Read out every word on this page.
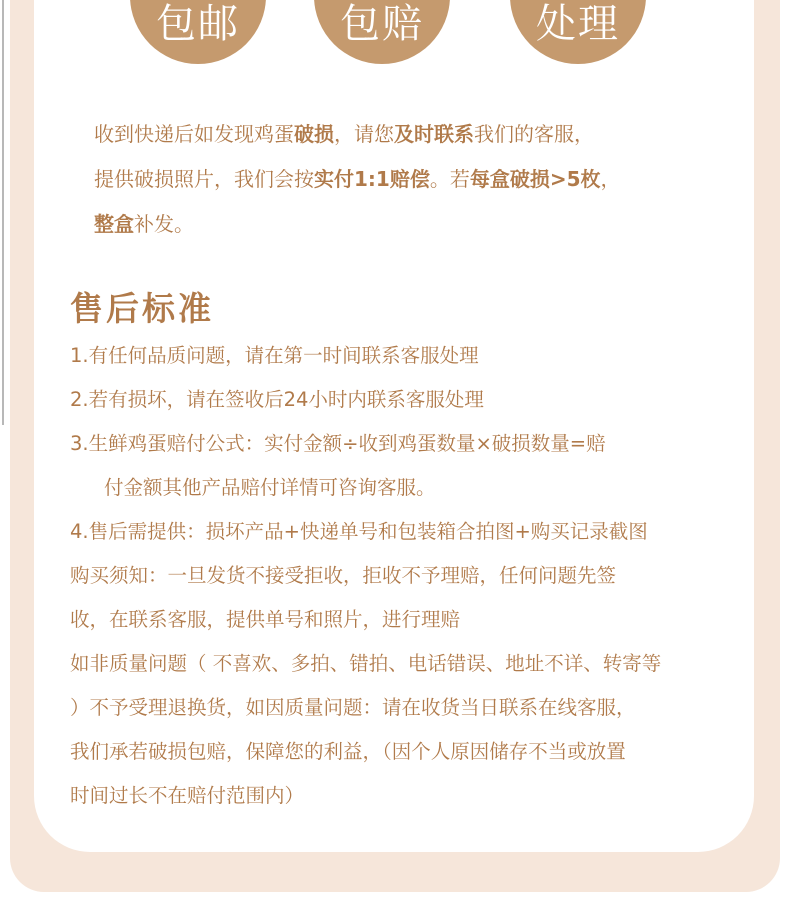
包邮	包赔	处理
收到快递后如发现鸡蛋破损，请您及时联系我们的客服，
提供破损照片，我们会按实付1:1赔偿。若每盒破损>5枚，
整盒补发。
售后标准
1.有任何品质问题，请在第一时间联系客服处理
2.若有损坏，请在签收后24小时内联系客服处理
3.生鲜鸡蛋赔付公式：实付金额÷收到鸡蛋数量×破损数量=赔
付金额其他产品赔付详情可咨询客服。
4.售后需提供：损坏产品+快递单号和包装箱合拍图+购买记录截图
购买须知：一旦发货不接受拒收，拒收不予理赔，任何问题先签
收，在联系客服，提供单号和照片，进行理赔
如非质量问题（ 不喜欢、多拍、错拍、电话错误、地址不详、转寄等
）不予受理退换货，如因质量问题：请在收货当日联系在线客服，
我们承若破损包赔，保障您的利益，（因个人原因储存不当或放置
时间过长不在赔付范围内）
